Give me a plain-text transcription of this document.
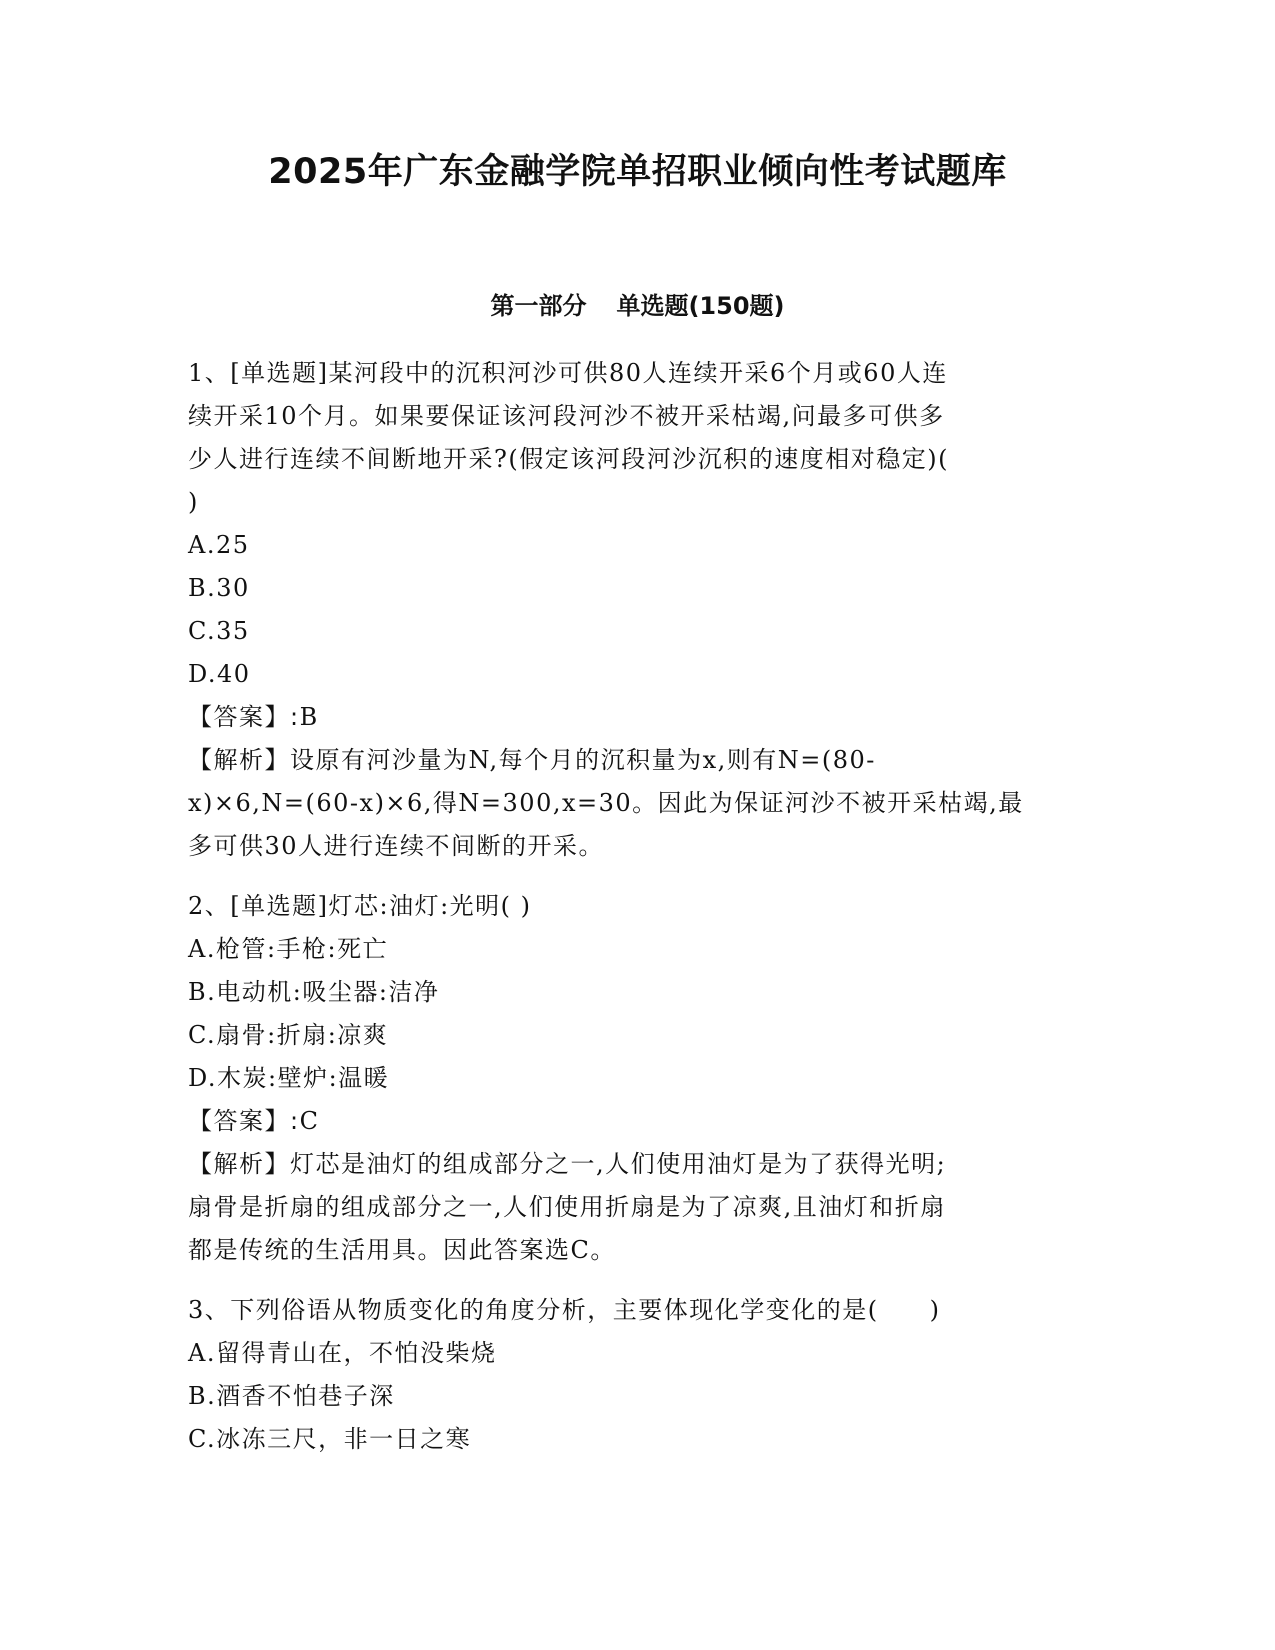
2025年广东金融学院单招职业倾向性考试题库
第一部分 单选题(150题)

1、[单选题]某河段中的沉积河沙可供80人连续开采6个月或60人连

续开采10个月。如果要保证该河段河沙不被开采枯竭,问最多可供多

少人进行连续不间断地开采?(假定该河段河沙沉积的速度相对稳定)(

)

A.25

B.30

C.35

D.40

【答案】:B

【解析】设原有河沙量为N,每个月的沉积量为x,则有N=(80-

x)×6,N=(60-x)×6,得N=300,x=30。因此为保证河沙不被开采枯竭,最

多可供30人进行连续不间断的开采。

2、[单选题]灯芯:油灯:光明( )

A.枪管:手枪:死亡

B.电动机:吸尘器:洁净

C.扇骨:折扇:凉爽

D.木炭:壁炉:温暖

【答案】:C

【解析】灯芯是油灯的组成部分之一,人们使用油灯是为了获得光明;

扇骨是折扇的组成部分之一,人们使用折扇是为了凉爽,且油灯和折扇

都是传统的生活用具。因此答案选C。

3、下列俗语从物质变化的角度分析，主要体现化学变化的是(　　)

A.留得青山在，不怕没柴烧

B.酒香不怕巷子深

C.冰冻三尺，非一日之寒
